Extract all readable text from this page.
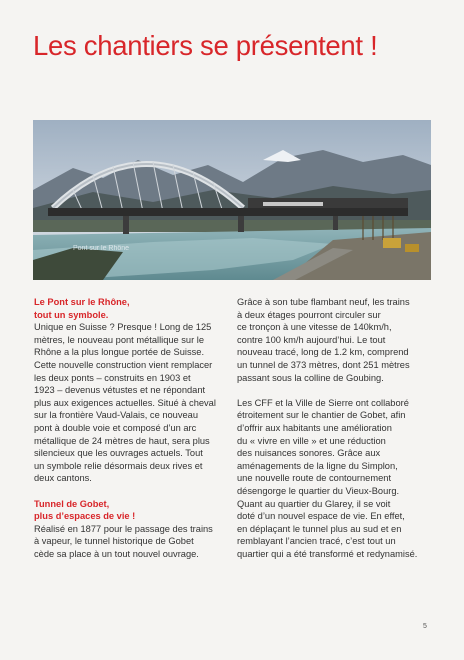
Les chantiers se présentent !
Pont sur le Rhône

Le Pont sur le Rhône,
tout un symbole.

Unique en Suisse ? Presque ! Long de 125
mètres, le nouveau pont métallique sur le
Rhône a la plus longue portée de Suisse.
Cette nouvelle construction vient remplacer
les deux ponts – construits en 1903 et
1923 – devenus vétustes et ne répondant
plus aux exigences actuelles. Situé à cheval
sur la frontière Vaud-Valais, ce nouveau
pont à double voie et composé d’un arc
métallique de 24 mètres de haut, sera plus
silencieux que les ouvrages actuels. Tout
un symbole relie désormais deux rives et
deux cantons.

Tunnel de Gobet,
plus d’espaces de vie !

Réalisé en 1877 pour le passage des trains
à vapeur, le tunnel historique de Gobet
cède sa place à un tout nouvel ouvrage.

Grâce à son tube flambant neuf, les trains
à deux étages pourront circuler sur
ce tronçon à une vitesse de 140km/h,
contre 100 km/h aujourd’hui. Le tout
nouveau tracé, long de 1.2 km, comprend
un tunnel de 373 mètres, dont 251 mètres
passant sous la colline de Goubing.

Les CFF et la Ville de Sierre ont collaboré
étroitement sur le chantier de Gobet, afin
d’offrir aux habitants une amélioration
du « vivre en ville » et une réduction
des nuisances sonores. Grâce aux
aménagements de la ligne du Simplon,
une nouvelle route de contournement
désengorge le quartier du Vieux-Bourg.
Quant au quartier du Glarey, il se voit
doté d’un nouvel espace de vie. En effet,
en déplaçant le tunnel plus au sud et en
remblayant l’ancien tracé, c’est tout un
quartier qui a été transformé et redynamisé.

5
